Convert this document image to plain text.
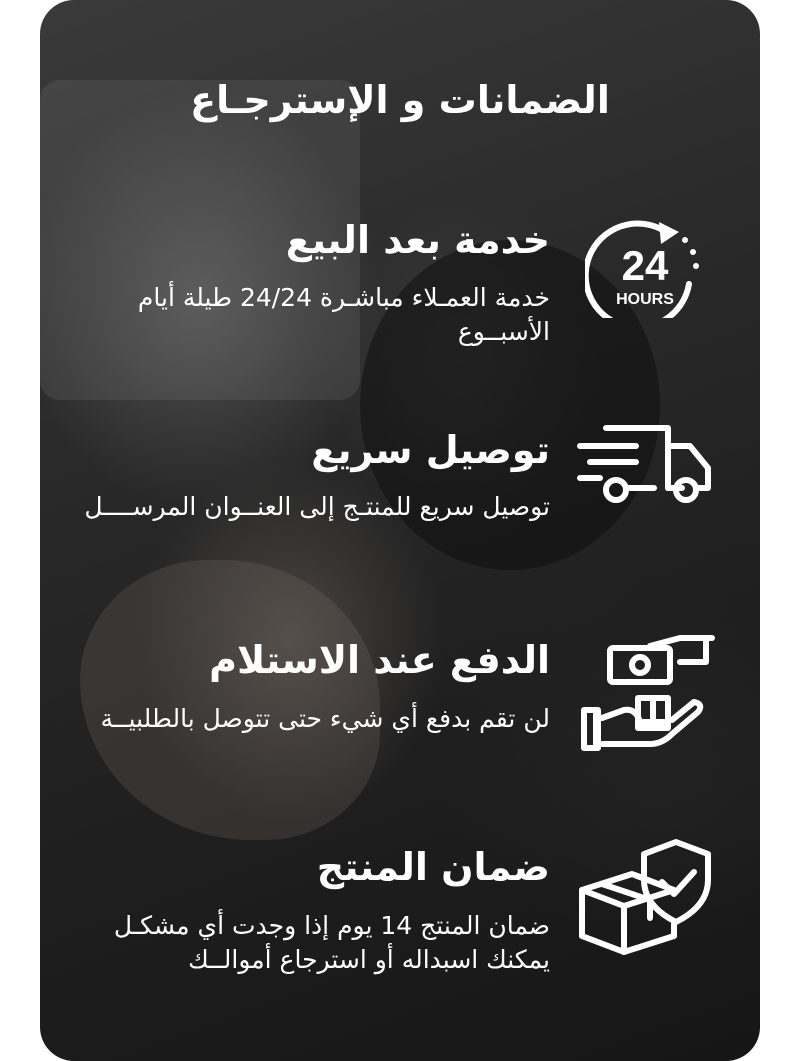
الضمانات و الإسترجـاع
خدمة بعد البيع
خدمة العمـلاء مباشـرة 24/24 طيلة أيام الأسبــوع
24
HOURS
توصيل سريع
توصيل سريع للمنتـج إلى العنــوان المرســــل
الدفع عند الاستلام
لن تقم بدفع أي شيء حتى تتوصل بالطلبيــة
ضمان المنتج
ضمان المنتج 14 يوم إذا وجدت أي مشكـل يمكنك اسبداله أو استرجاع أموالــك
